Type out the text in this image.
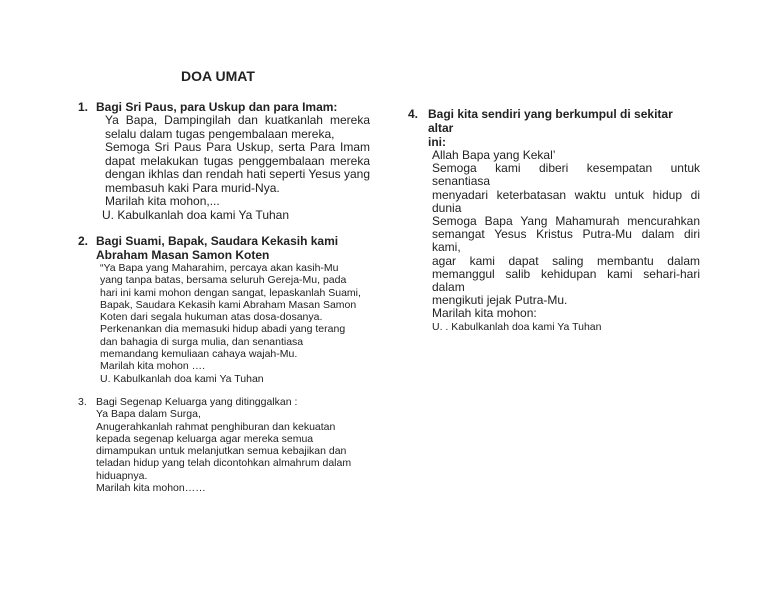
DOA UMAT
1. Bagi Sri Paus, para Uskup dan para Imam:
Ya Bapa, Dampingilah dan kuatkanlah mereka
selalu dalam tugas pengembalaan mereka,
Semoga Sri Paus Para Uskup, serta Para Imam
dapat melakukan tugas penggembalaan mereka
dengan ikhlas dan rendah hati seperti Yesus yang
membasuh kaki Para murid-Nya.
Marilah kita mohon,...
U. Kabulkanlah doa kami Ya Tuhan
2. Bagi Suami, Bapak, Saudara Kekasih kami
Abraham Masan Samon Koten
“Ya Bapa yang Maharahim, percaya akan kasih-Mu
yang tanpa batas, bersama seluruh Gereja-Mu, pada
hari ini kami mohon dengan sangat, lepaskanlah Suami,
Bapak, Saudara Kekasih kami Abraham Masan Samon
Koten dari segala hukuman atas dosa-dosanya.
Perkenankan dia memasuki hidup abadi yang terang
dan bahagia di surga mulia, dan senantiasa
memandang kemuliaan cahaya wajah-Mu.
Marilah kita mohon ….
U. Kabulkanlah doa kami Ya Tuhan
3. Bagi Segenap Keluarga yang ditinggalkan :
Ya Bapa dalam Surga,
Anugerahkanlah rahmat penghiburan dan kekuatan
kepada segenap keluarga agar mereka semua
dimampukan untuk melanjutkan semua kebajikan dan
teladan hidup yang telah dicontohkan almahrum dalam
hiduapnya.
Marilah kita mohon……
4. Bagi kita sendiri yang berkumpul di sekitar altar
ini:
Allah Bapa yang Kekal’
Semoga kami diberi kesempatan untuk senantiasa
menyadari keterbatasan waktu untuk hidup di dunia
Semoga Bapa Yang Mahamurah mencurahkan
semangat Yesus Kristus Putra-Mu dalam diri kami,
agar kami dapat saling membantu dalam
memanggul salib kehidupan kami sehari-hari dalam
mengikuti jejak Putra-Mu.
Marilah kita mohon:
U. . Kabulkanlah doa kami Ya Tuhan
